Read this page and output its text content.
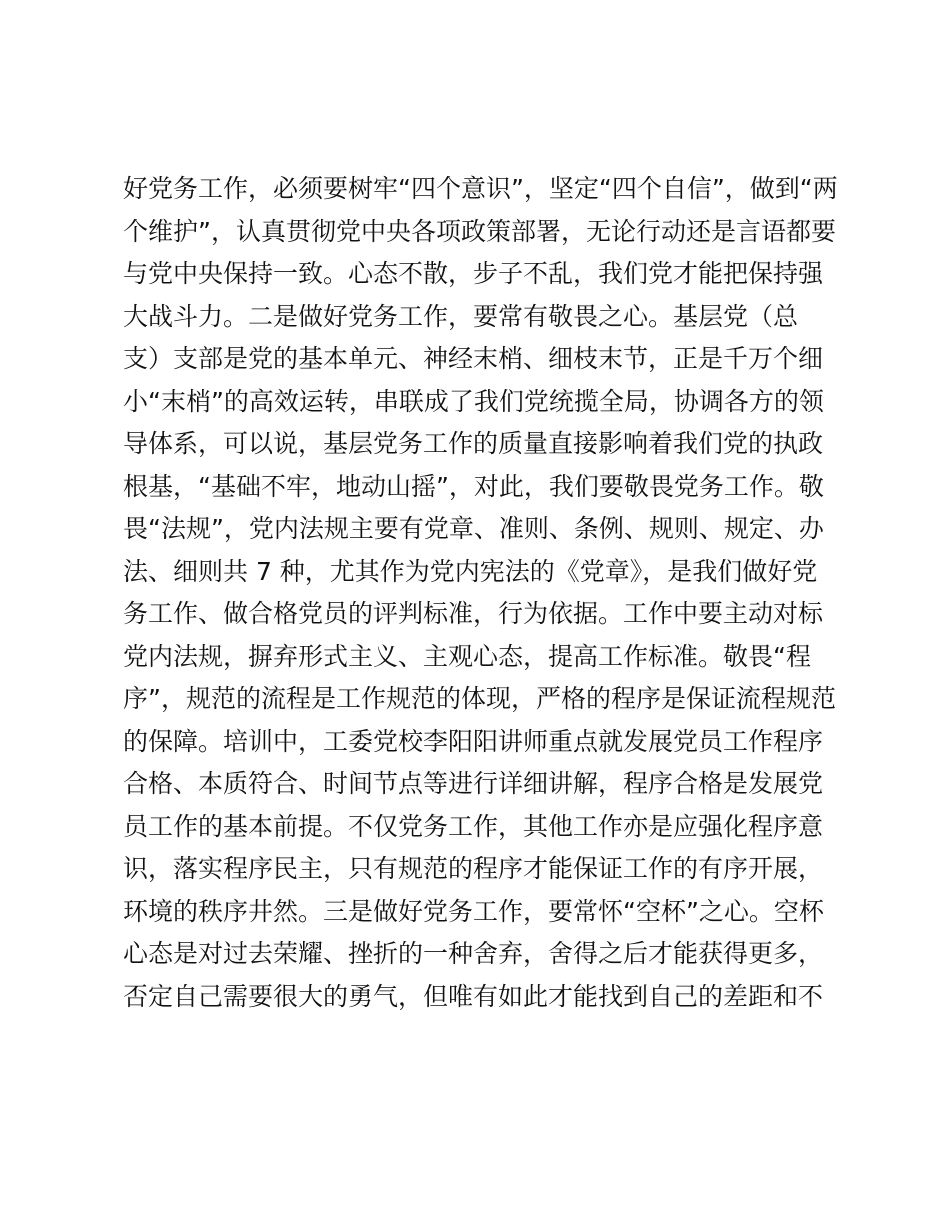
好党务工作，必须要树牢“四个意识”，坚定“四个自信”，做到“两
个维护”，认真贯彻党中央各项政策部署，无论行动还是言语都要
与党中央保持一致。心态不散，步子不乱，我们党才能把保持强
大战斗力。二是做好党务工作，要常有敬畏之心。基层党（总
支）支部是党的基本单元、神经末梢、细枝末节，正是千万个细
小“末梢”的高效运转，串联成了我们党统揽全局，协调各方的领
导体系，可以说，基层党务工作的质量直接影响着我们党的执政
根基，“基础不牢，地动山摇”，对此，我们要敬畏党务工作。敬
畏“法规”，党内法规主要有党章、准则、条例、规则、规定、办
法、细则共 7 种，尤其作为党内宪法的《党章》，是我们做好党
务工作、做合格党员的评判标准，行为依据。工作中要主动对标
党内法规，摒弃形式主义、主观心态，提高工作标准。敬畏“程
序”，规范的流程是工作规范的体现，严格的程序是保证流程规范
的保障。培训中，工委党校李阳阳讲师重点就发展党员工作程序
合格、本质符合、时间节点等进行详细讲解，程序合格是发展党
员工作的基本前提。不仅党务工作，其他工作亦是应强化程序意
识，落实程序民主，只有规范的程序才能保证工作的有序开展，
环境的秩序井然。三是做好党务工作，要常怀“空杯”之心。空杯
心态是对过去荣耀、挫折的一种舍弃，舍得之后才能获得更多，
否定自己需要很大的勇气，但唯有如此才能找到自己的差距和不
